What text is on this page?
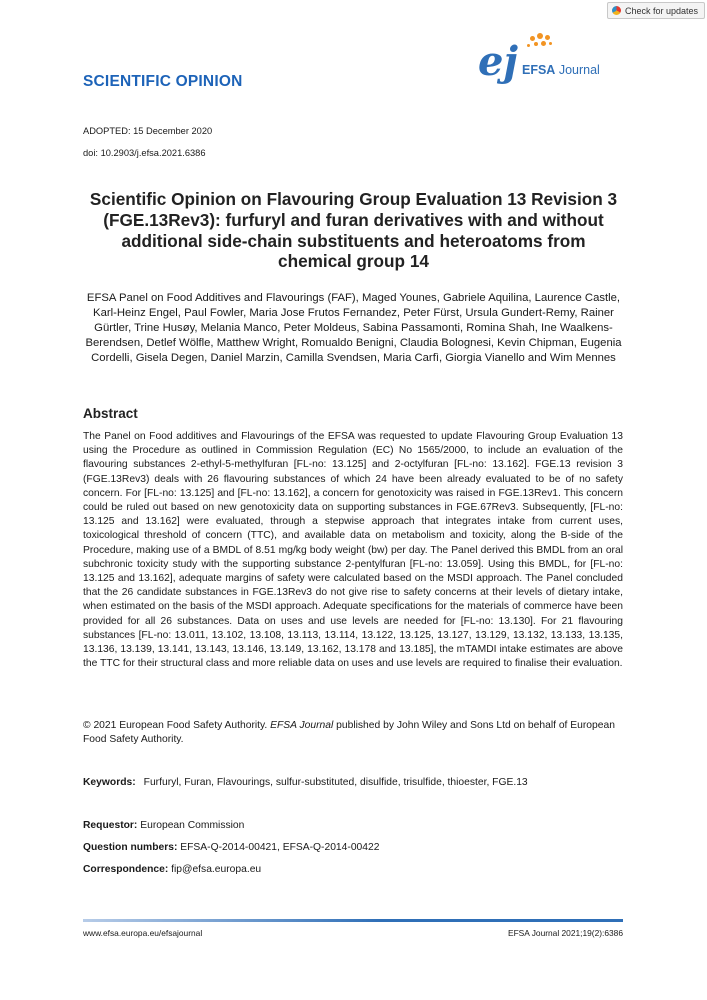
Check for updates
SCIENTIFIC OPINION	ej EFSA Journal
ADOPTED: 15 December 2020
doi: 10.2903/j.efsa.2021.6386
Scientific Opinion on Flavouring Group Evaluation 13 Revision 3 (FGE.13Rev3): furfuryl and furan derivatives with and without additional side-chain substituents and heteroatoms from chemical group 14
EFSA Panel on Food Additives and Flavourings (FAF), Maged Younes, Gabriele Aquilina, Laurence Castle, Karl-Heinz Engel, Paul Fowler, Maria Jose Frutos Fernandez, Peter Fürst, Ursula Gundert-Remy, Rainer Gürtler, Trine Husøy, Melania Manco, Peter Moldeus, Sabina Passamonti, Romina Shah, Ine Waalkens-Berendsen, Detlef Wölfle, Matthew Wright, Romualdo Benigni, Claudia Bolognesi, Kevin Chipman, Eugenia Cordelli, Gisela Degen, Daniel Marzin, Camilla Svendsen, Maria Carfì, Giorgia Vianello and Wim Mennes
Abstract

The Panel on Food additives and Flavourings of the EFSA was requested to update Flavouring Group Evaluation 13 using the Procedure as outlined in Commission Regulation (EC) No 1565/2000, to include an evaluation of the flavouring substances 2-ethyl-5-methylfuran [FL-no: 13.125] and 2-octylfuran [FL-no: 13.162]. FGE.13 revision 3 (FGE.13Rev3) deals with 26 flavouring substances of which 24 have been already evaluated to be of no safety concern. For [FL-no: 13.125] and [FL-no: 13.162], a concern for genotoxicity was raised in FGE.13Rev1. This concern could be ruled out based on new genotoxicity data on supporting substances in FGE.67Rev3. Subsequently, [FL-no: 13.125 and 13.162] were evaluated, through a stepwise approach that integrates intake from current uses, toxicological threshold of concern (TTC), and available data on metabolism and toxicity, along the B-side of the Procedure, making use of a BMDL of 8.51 mg/kg body weight (bw) per day. The Panel derived this BMDL from an oral subchronic toxicity study with the supporting substance 2-pentylfuran [FL-no: 13.059]. Using this BMDL, for [FL-no: 13.125 and 13.162], adequate margins of safety were calculated based on the MSDI approach. The Panel concluded that the 26 candidate substances in FGE.13Rev3 do not give rise to safety concerns at their levels of dietary intake, when estimated on the basis of the MSDI approach. Adequate specifications for the materials of commerce have been provided for all 26 substances. Data on uses and use levels are needed for [FL-no: 13.130]. For 21 flavouring substances [FL-no: 13.011, 13.102, 13.108, 13.113, 13.114, 13.122, 13.125, 13.127, 13.129, 13.132, 13.133, 13.135, 13.136, 13.139, 13.141, 13.143, 13.146, 13.149, 13.162, 13.178 and 13.185], the mTAMDI intake estimates are above the TTC for their structural class and more reliable data on uses and use levels are required to finalise their evaluation.

© 2021 European Food Safety Authority. EFSA Journal published by John Wiley and Sons Ltd on behalf of European Food Safety Authority.

Keywords: Furfuryl, Furan, Flavourings, sulfur-substituted, disulfide, trisulfide, thioester, FGE.13
Requestor: European Commission
Question numbers: EFSA-Q-2014-00421, EFSA-Q-2014-00422
Correspondence: fip@efsa.europa.eu
www.efsa.europa.eu/efsajournal	EFSA Journal 2021;19(2):6386
